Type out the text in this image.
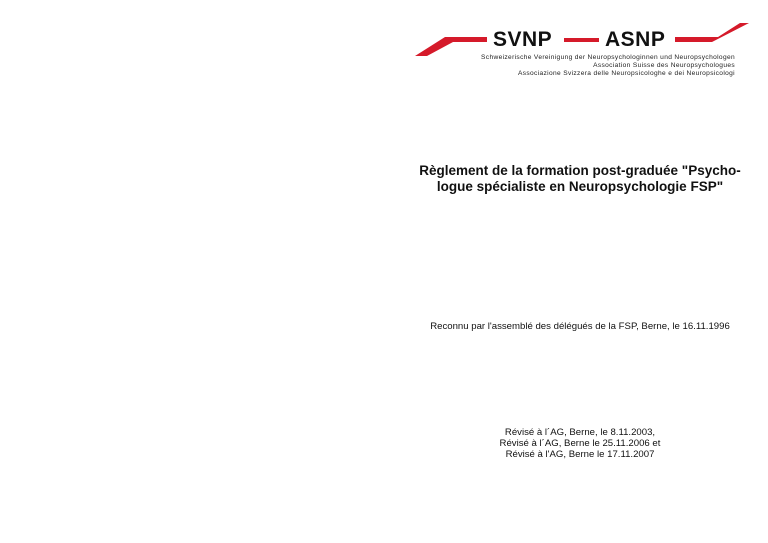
SVNP	ASNP
Schweizerische Vereinigung der Neuropsychologinnen und Neuropsychologen
Association Suisse des Neuropsychologues
Associazione Svizzera delle Neuropsicologhe e dei Neuropsicologi
Règlement de la formation post-graduée "Psycho-
logue spécialiste en Neuropsychologie FSP"
Reconnu par l'assemblé des délégués de la FSP, Berne, le 16.11.1996
Révisé à l´AG, Berne, le 8.11.2003,
Révisé à l´AG, Berne le 25.11.2006 et
Révisé à l'AG, Berne le 17.11.2007
